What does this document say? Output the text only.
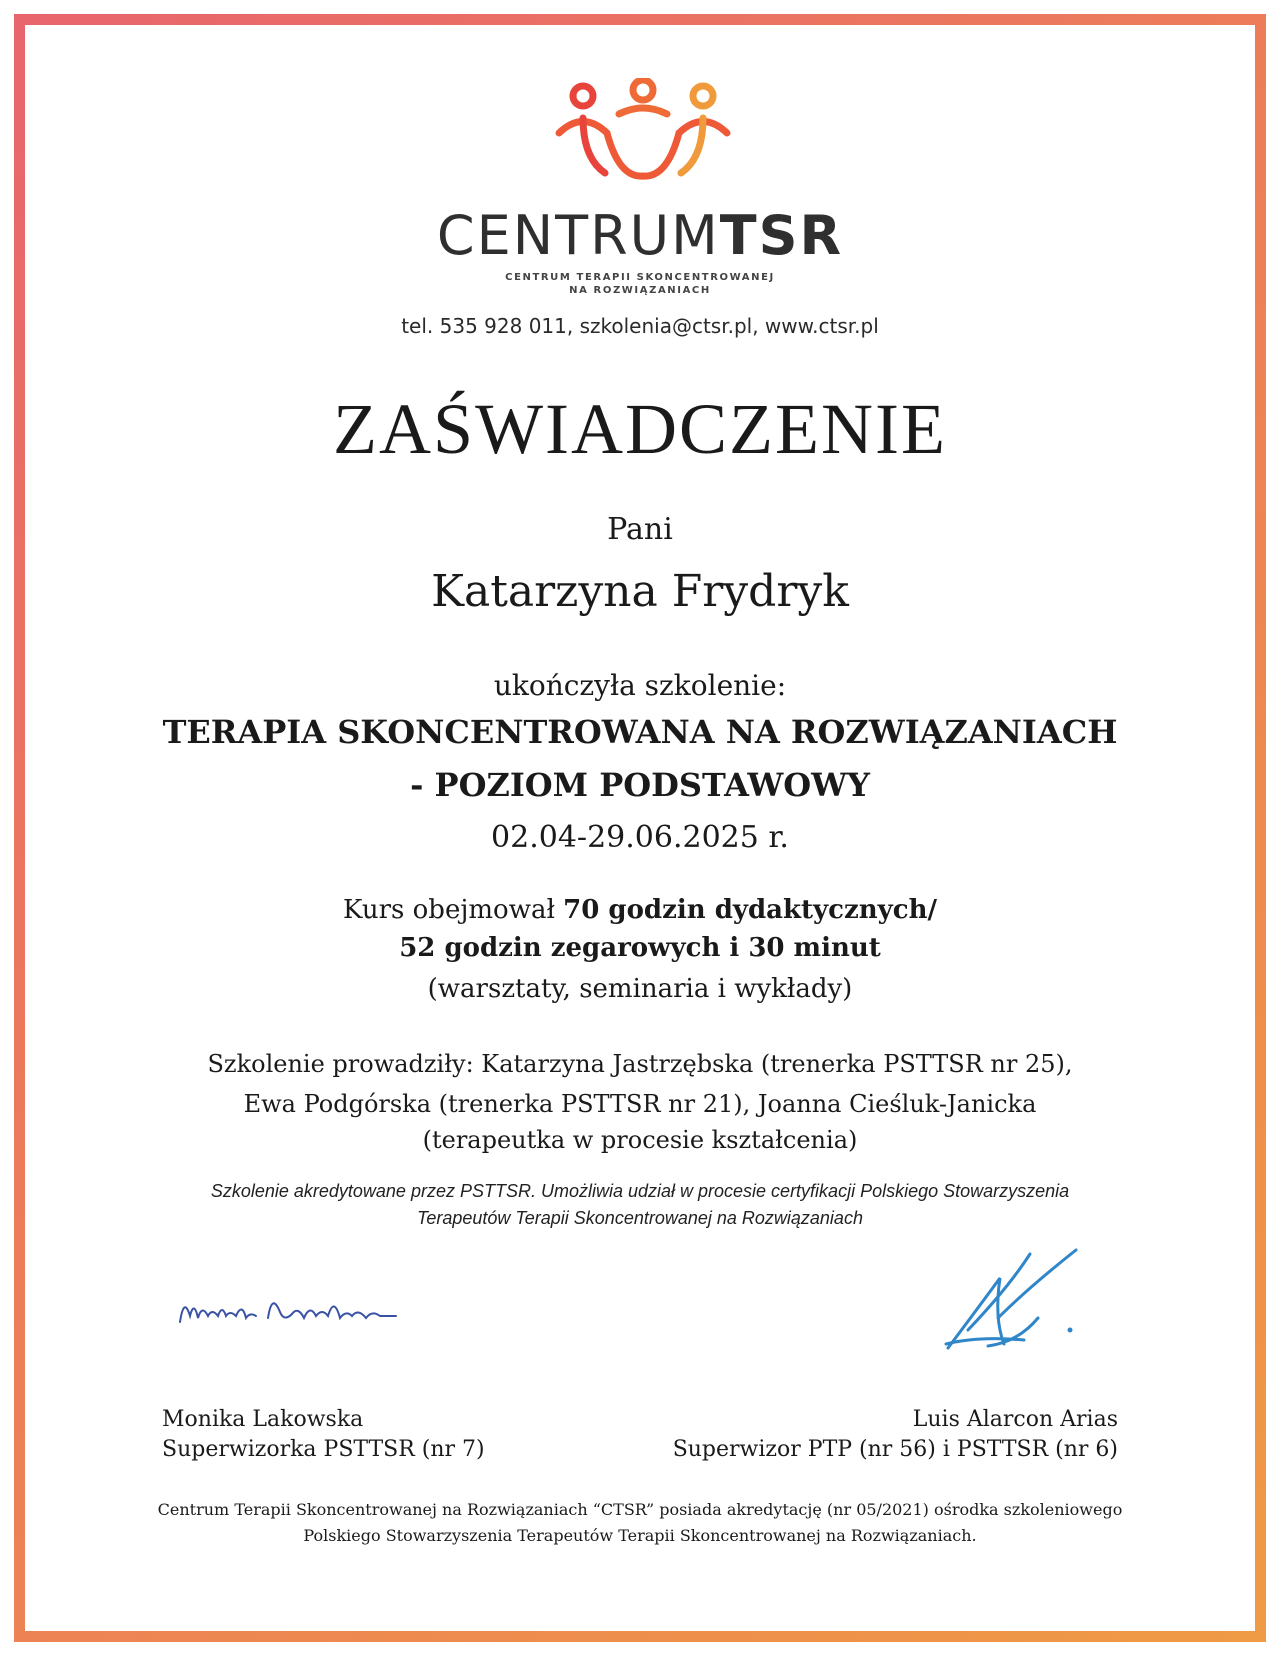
CENTRUMTSR
CENTRUM TERAPII SKONCENTROWANEJ
NA ROZWIĄZANIACH
tel. 535 928 011, szkolenia@ctsr.pl, www.ctsr.pl
ZAŚWIADCZENIE
Pani
Katarzyna Frydryk
ukończyła szkolenie:
TERAPIA SKONCENTROWANA NA ROZWIĄZANIACH
- POZIOM PODSTAWOWY
02.04-29.06.2025 r.
Kurs obejmował 70 godzin dydaktycznych/
52 godzin zegarowych i 30 minut
(warsztaty, seminaria i wykłady)
Szkolenie prowadziły: Katarzyna Jastrzębska (trenerka PSTTSR nr 25),
Ewa Podgórska (trenerka PSTTSR nr 21), Joanna Cieśluk-Janicka
(terapeutka w procesie kształcenia)
Szkolenie akredytowane przez PSTTSR. Umożliwia udział w procesie certyfikacji Polskiego Stowarzyszenia
Terapeutów Terapii Skoncentrowanej na Rozwiązaniach
Monika Lakowska
Superwizorka PSTTSR (nr 7)
Luis Alarcon Arias
Superwizor PTP (nr 56) i PSTTSR (nr 6)
Centrum Terapii Skoncentrowanej na Rozwiązaniach “CTSR” posiada akredytację (nr 05/2021) ośrodka szkoleniowego
Polskiego Stowarzyszenia Terapeutów Terapii Skoncentrowanej na Rozwiązaniach.
